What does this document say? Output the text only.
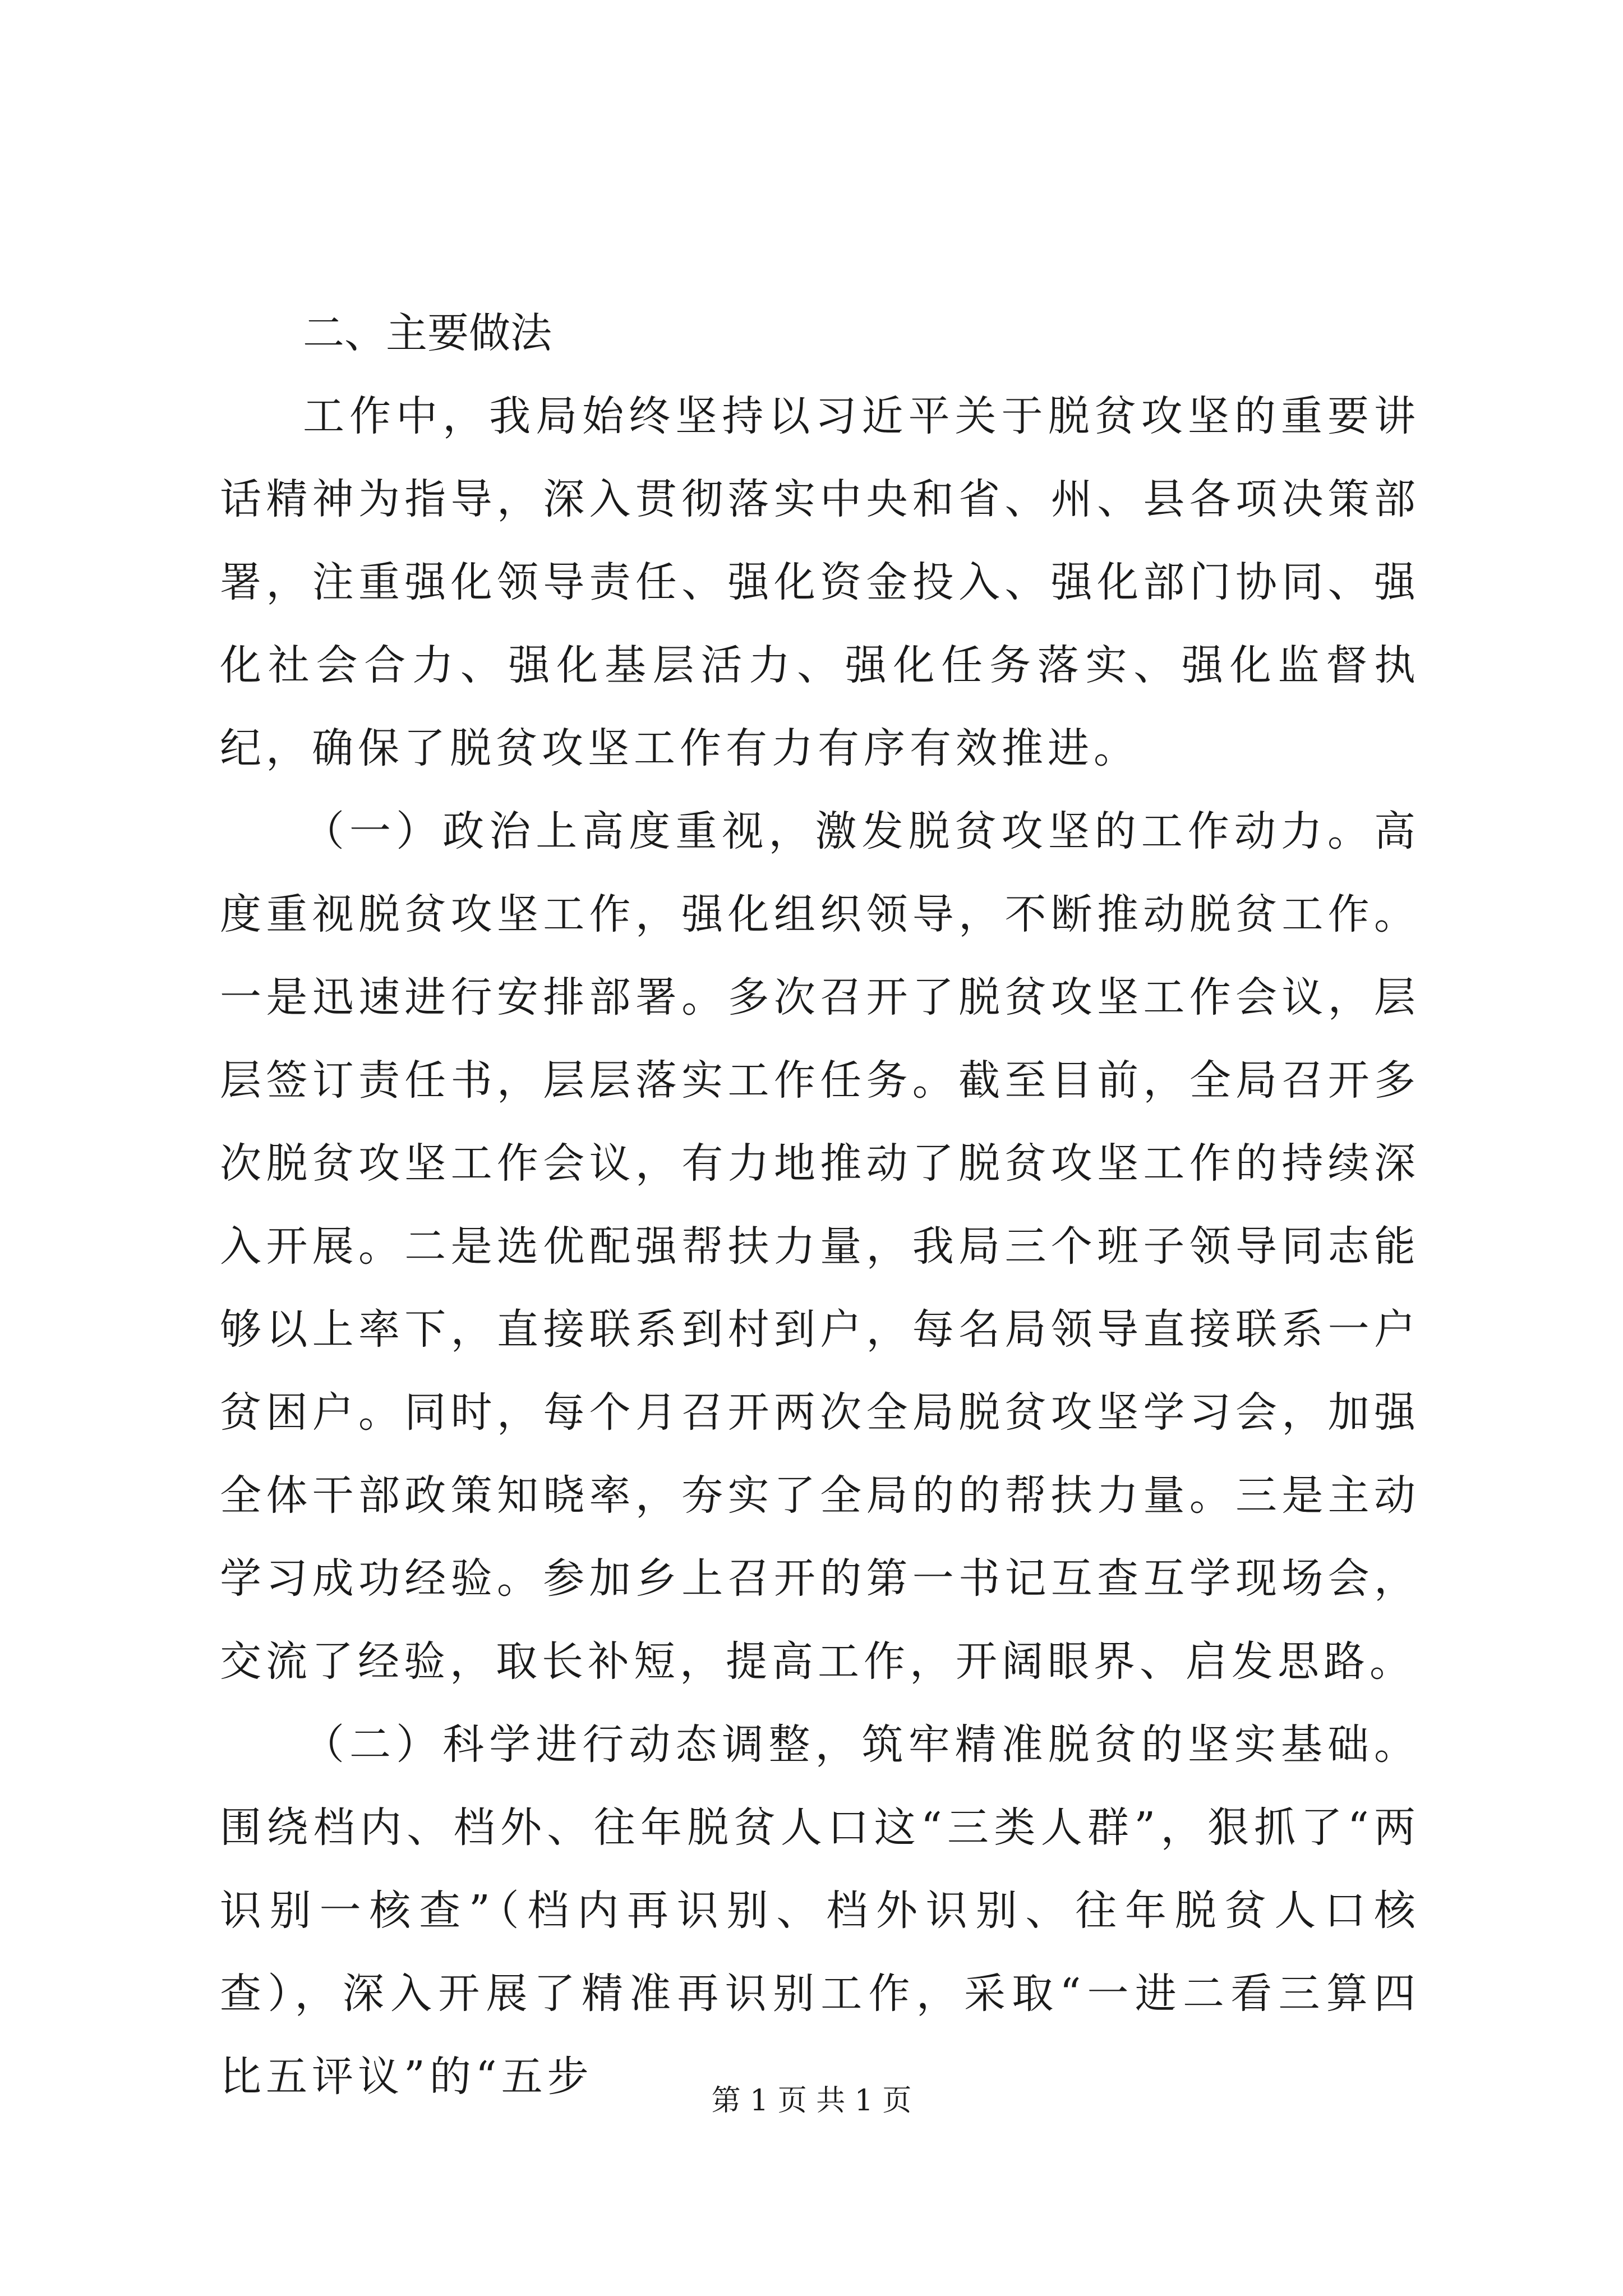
二、主要做法

工作中，我局始终坚持以习近平关于脱贫攻坚的重要讲话精神为指导，深入贯彻落实中央和省、州、县各项决策部署，注重强化领导责任、强化资金投入、强化部门协同、强化社会合力、强化基层活力、强化任务落实、强化监督执纪，确保了脱贫攻坚工作有力有序有效推进。

（一）政治上高度重视，激发脱贫攻坚的工作动力。高度重视脱贫攻坚工作，强化组织领导，不断推动脱贫工作。一是迅速进行安排部署。多次召开了脱贫攻坚工作会议，层层签订责任书，层层落实工作任务。截至目前，全局召开多次脱贫攻坚工作会议，有力地推动了脱贫攻坚工作的持续深入开展。二是选优配强帮扶力量，我局三个班子领导同志能够以上率下，直接联系到村到户，每名局领导直接联系一户贫困户。同时，每个月召开两次全局脱贫攻坚学习会，加强全体干部政策知晓率，夯实了全局的的帮扶力量。三是主动学习成功经验。参加乡上召开的第一书记互查互学现场会，交流了经验，取长补短，提高工作，开阔眼界、启发思路。

（二）科学进行动态调整，筑牢精准脱贫的坚实基础。围绕档内、档外、往年脱贫人口这“三类人群”，狠抓了“两识别一核查”（档内再识别、档外识别、往年脱贫人口核查），深入开展了精准再识别工作，采取“一进二看三算四比五评议”的“五步	第 1 页 共 1 页
